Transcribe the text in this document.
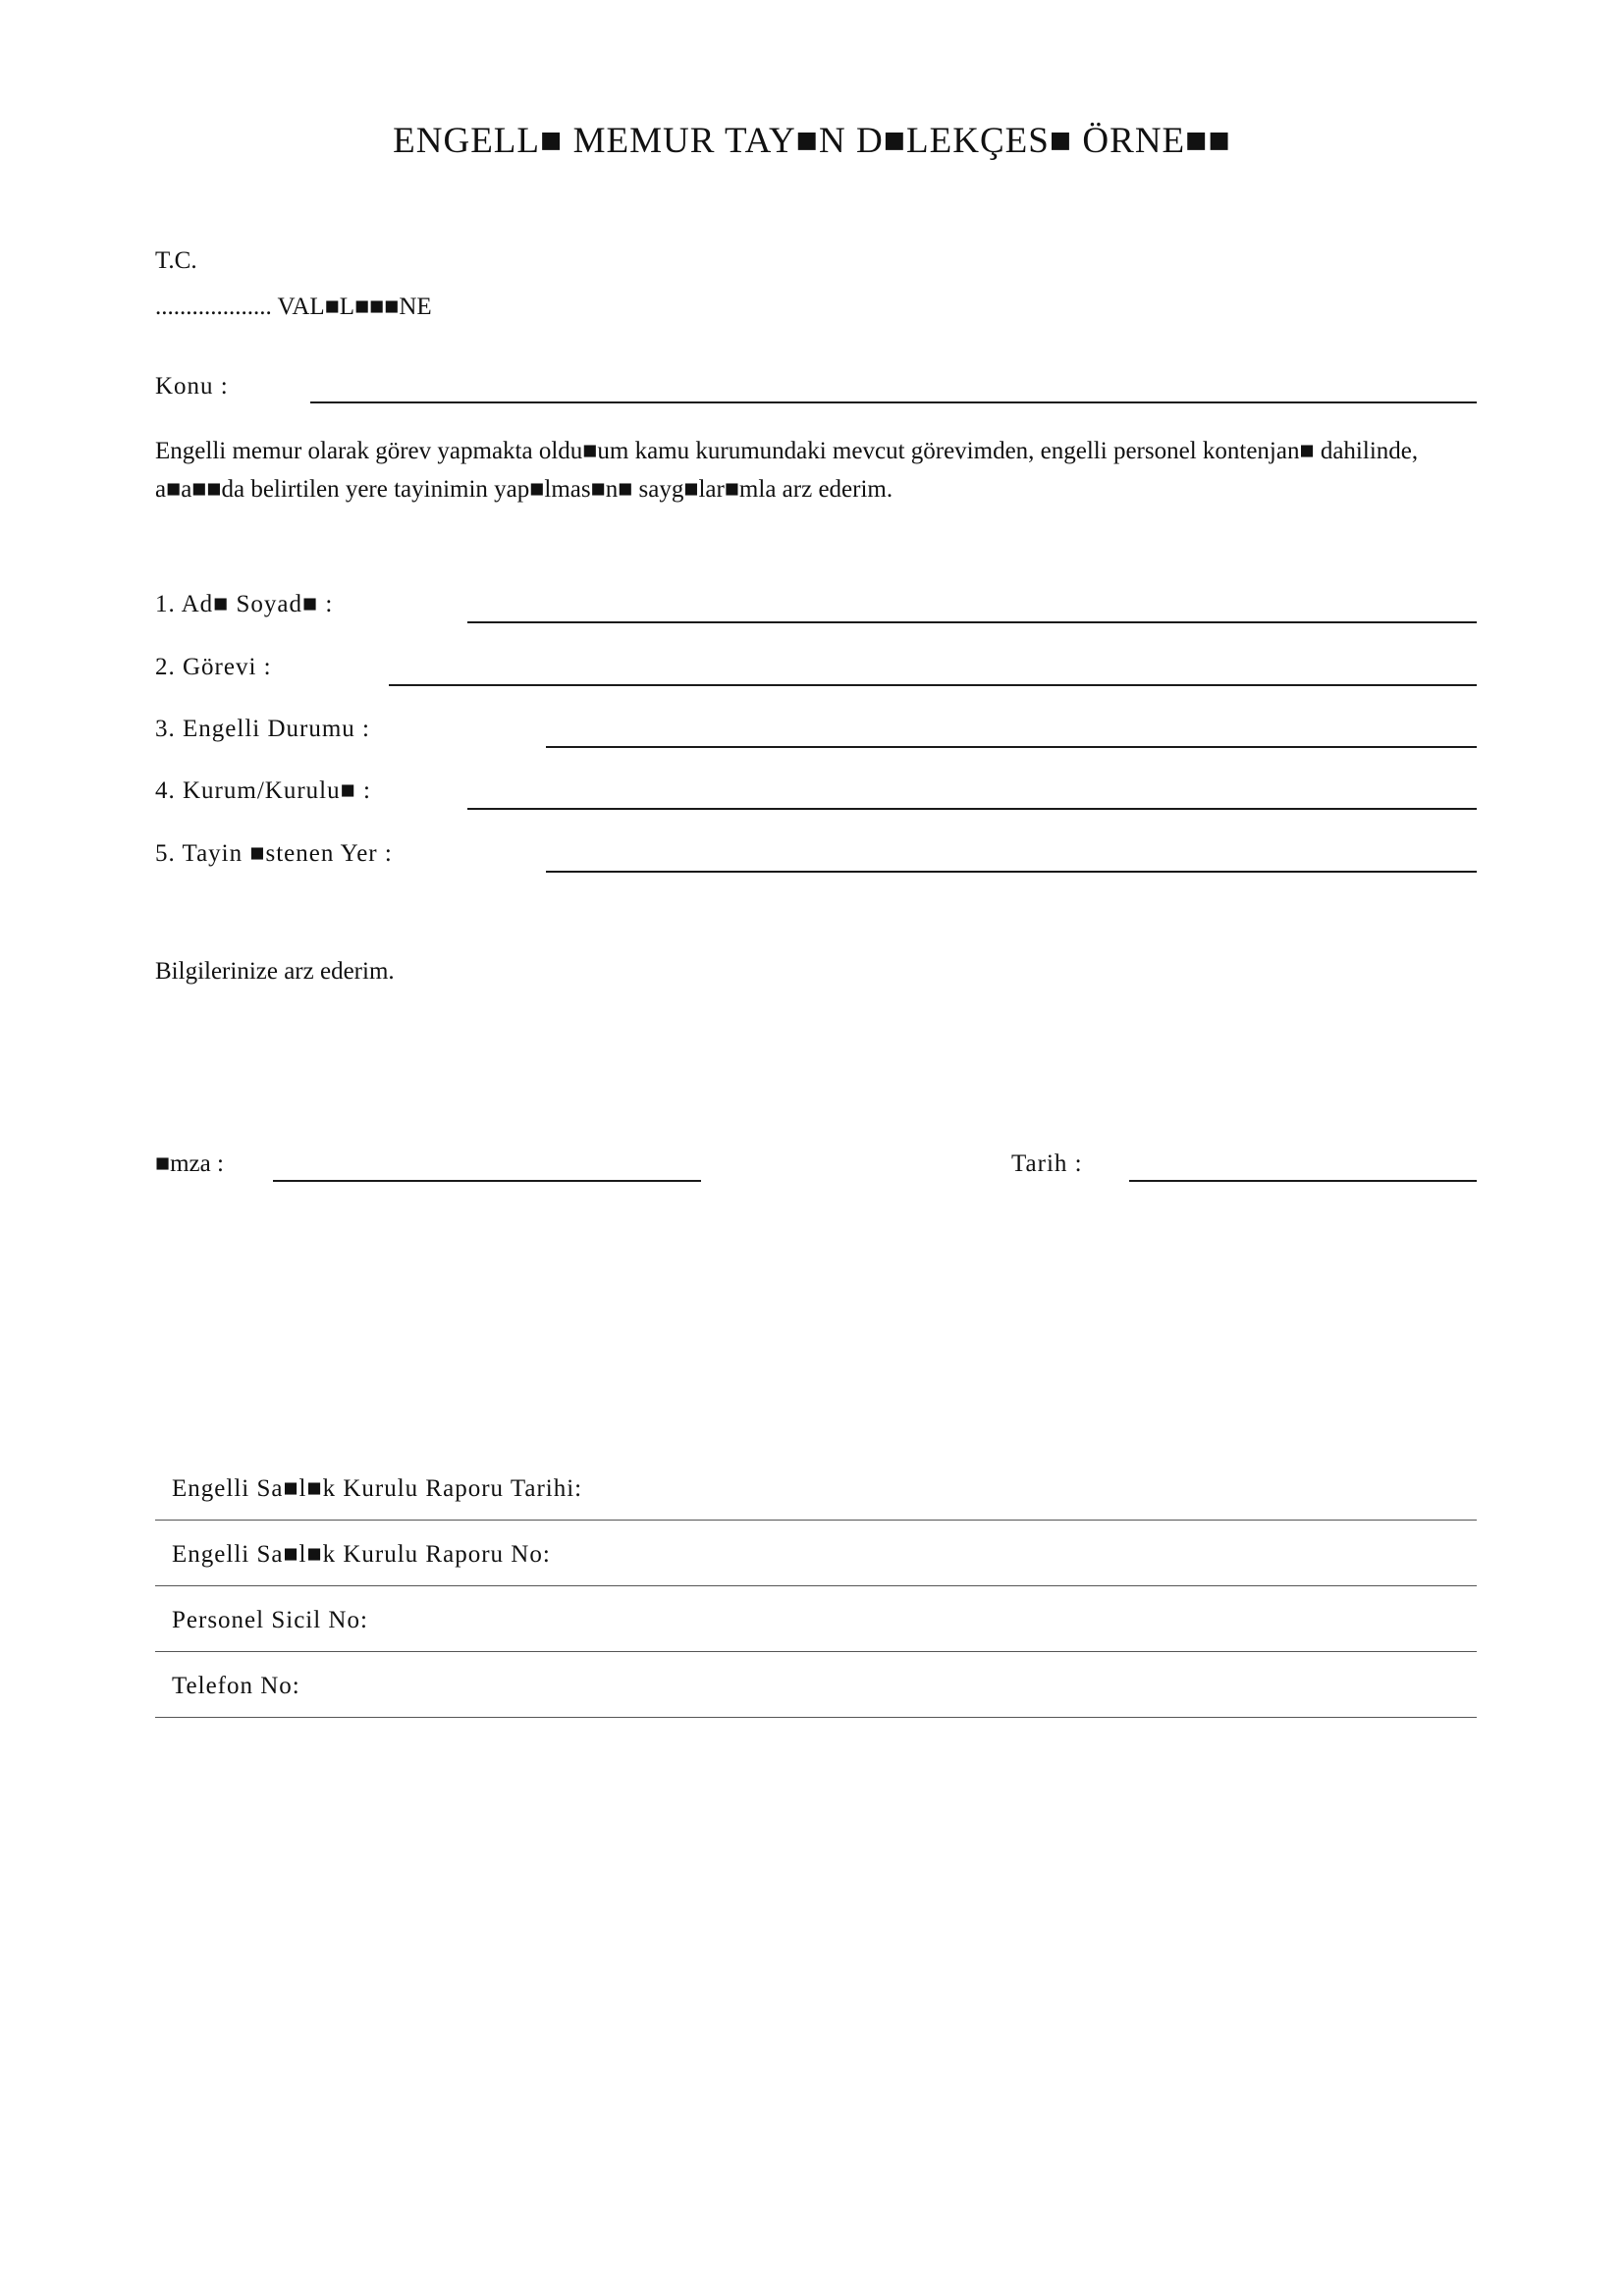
ENGELL■ MEMUR TAY■N D■LEKÇES■ ÖRNE■■
T.C.
................... VAL■L■■■NE
Konu :
Engelli memur olarak görev yapmakta oldu■um kamu kurumundaki mevcut görevimden, engelli personel kontenjan■ dahilinde, a■a■■da belirtilen yere tayinimin yap■lmas■n■ sayg■lar■mla arz ederim.
1. Ad■ Soyad■ :
2. Görevi :
3. Engelli Durumu :
4. Kurum/Kurulu■ :
5. Tayin ■stenen Yer :
Bilgilerinize arz ederim.
■mza :	Tarih :
Engelli Sa■l■k Kurulu Raporu Tarihi:
Engelli Sa■l■k Kurulu Raporu No:
Personel Sicil No:
Telefon No:
